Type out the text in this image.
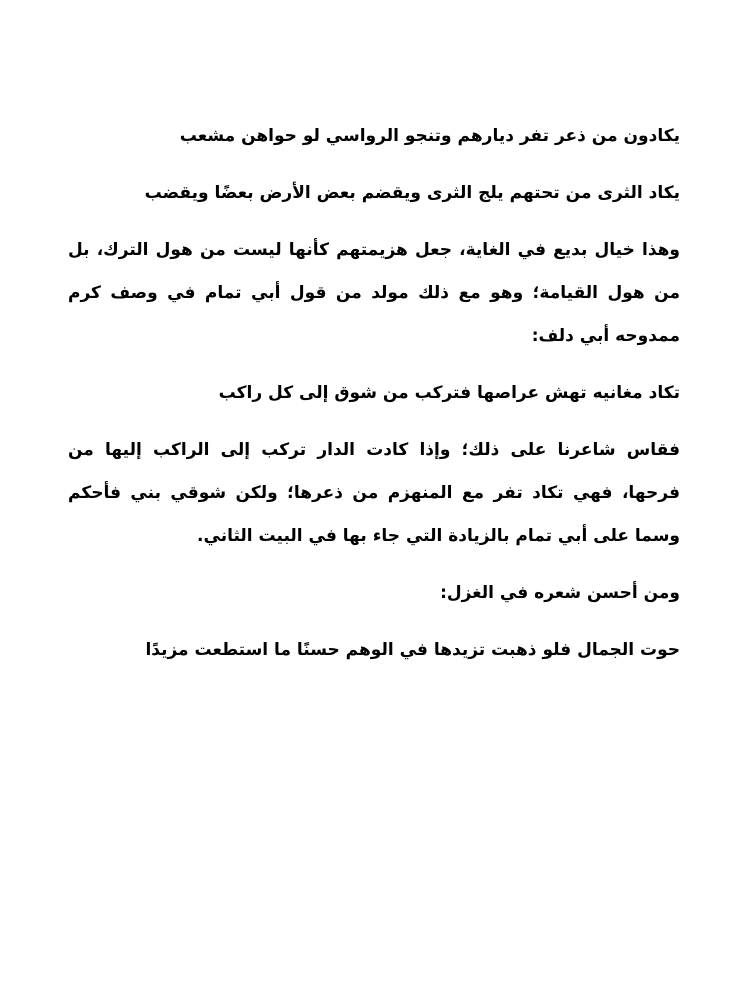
يكادون من ذعر تفر ديارهم وتنجو الرواسي لو حواهن مشعب

يكاد الثرى من تحتهم يلج الثرى ويقضم بعض الأرض بعضًا ويقضب

وهذا خيال بديع في الغاية، جعل هزيمتهم كأنها ليست من هول الترك، بل من هول القيامة؛ وهو مع ذلك مولد من قول أبي تمام في وصف كرم ممدوحه أبي دلف:

تكاد مغانيه تهش عراصها فتركب من شوق إلى كل راكب

فقاس شاعرنا على ذلك؛ وإذا كادت الدار تركب إلى الراكب إليها من فرحها، فهي تكاد تفر مع المنهزم من ذعرها؛ ولكن شوقي بني فأحكم وسما على أبي تمام بالزيادة التي جاء بها في البيت الثاني.

ومن أحسن شعره في الغزل:

حوت الجمال فلو ذهبت تزيدها في الوهم حسنًا ما استطعت مزيدًا
